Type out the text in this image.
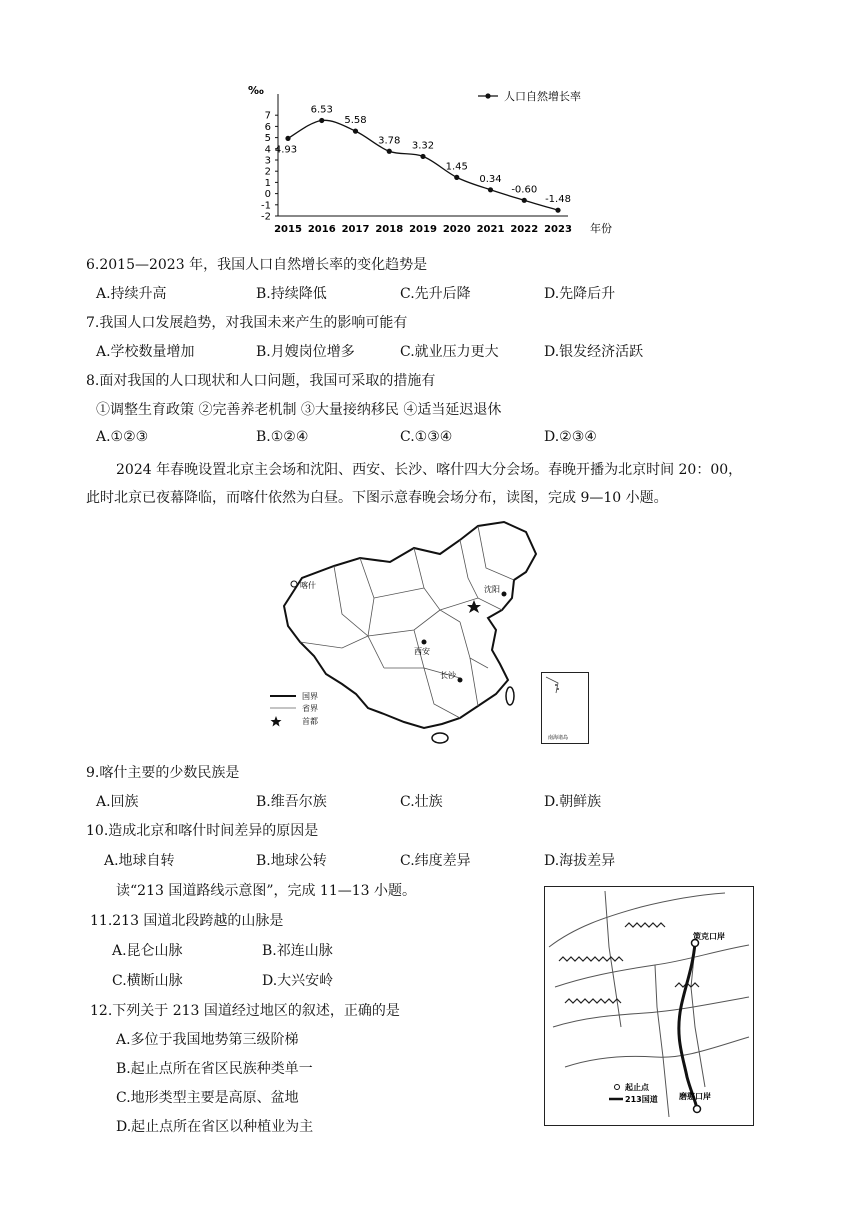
‰
7
6
5
4
3
2
1
0
-1
-2
2015 2016 2017 2018 2019 2020 2021 2022 2023 年份
4.93
6.53
5.58
3.78 3.32
1.45
0.34
-0.60
-1.48
人口自然增长率
6.2015—2023 年，我国人口自然增长率的变化趋势是
A.持续升高	B.持续降低	C.先升后降	D.先降后升
7.我国人口发展趋势，对我国未来产生的影响可能有
A.学校数量增加	B.月嫂岗位增多	C.就业压力更大	D.银发经济活跃
8.面对我国的人口现状和人口问题，我国可采取的措施有
①调整生育政策 ②完善养老机制 ③大量接纳移民 ④适当延迟退休
A.①②③	B.①②④	C.①③④	D.②③④
2024 年春晚设置北京主会场和沈阳、西安、长沙、喀什四大分会场。春晚开播为北京时间 20：00，
此时北京已夜幕降临，而喀什依然为白昼。下图示意春晚会场分布，读图，完成 9—10 小题。
喀什	沈阳
西安
长沙
国界
省界
首都
南海诸岛
9.喀什主要的少数民族是
A.回族	B.维吾尔族	C.壮族	D.朝鲜族
10.造成北京和喀什时间差异的原因是
A.地球自转	B.地球公转	C.纬度差异	D.海拔差异
读“213 国道路线示意图”，完成 11—13 小题。
11.213 国道北段跨越的山脉是
A.昆仑山脉	B.祁连山脉
C.横断山脉	D.大兴安岭
12.下列关于 213 国道经过地区的叙述，正确的是
A.多位于我国地势第三级阶梯
B.起止点所在省区民族种类单一
C.地形类型主要是高原、盆地
D.起止点所在省区以种植业为主
策克口岸
磨憨口岸
起止点
213国道
